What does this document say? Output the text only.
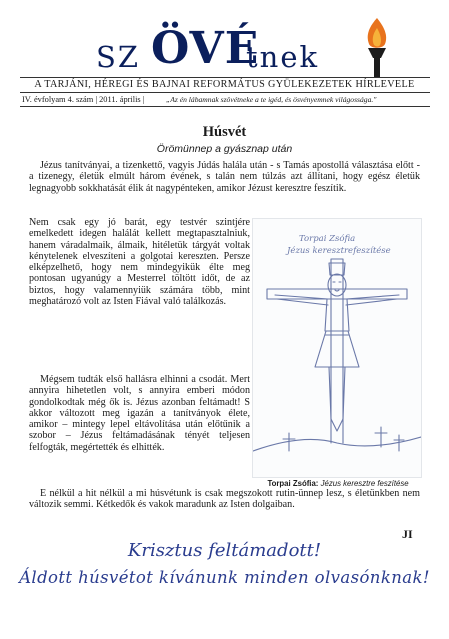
SZ ÖVÉ
tnek
A TARJÁNI, HÉREGI ÉS BAJNAI REFORMÁTUS GYÜLEKEZETEK HÍRLEVELE
IV. évfolyam 4. szám | 2011. április |	„Az én lábamnak szövétneke a te igéd, és ösvényemnek világossága."
Húsvét
Örömünnep a gyásznap után

Jézus tanítványai, a tizenkettő, vagyis Júdás halála után - s Tamás apostollá választása előtt - a tizenegy, életük elmúlt három évének, s talán nem túlzás azt állítani, hogy egész életük legnagyobb sokkhatását élik át nagypénteken, amikor Jézust keresztre feszítik.

Nem csak egy jó barát, egy testvér szintjére emelkedett idegen halálát kellett megtapasztalniuk, hanem váradalmaik, álmaik, hitéletük tárgyát voltak kénytelenek elveszíteni a golgotai kereszten. Persze elképzelhető, hogy nem mindegyikük élte meg pontosan ugyanúgy a Mesterrel töltött időt, de az biztos, hogy valamennyiük számára több, mint meghatározó volt az Isten Fiával való találkozás.

Mégsem tudták első hallásra elhinni a csodát. Mert annyira hihetetlen volt, s annyira emberi módon gondolkodtak még ők is. Jézus azonban feltámadt! S akkor változott meg igazán a tanítványok élete, amikor – mintegy lepel eltávolítása után előtűnik a szobor – Jézus feltámadásának tényét teljesen felfogták, megértették és elhitték.

Torpai Zsófia
Jézus keresztrefeszítése
Torpai Zsófia: Jézus keresztre feszítése

E nélkül a hit nélkül a mi húsvétunk is csak megszokott rutin-ünnep lesz, s életünkben nem változik semmi. Kétkedők és vakok maradunk az Isten dolgaiban.

JI
Krisztus feltámadott!
Áldott húsvétot kívánunk minden olvasónknak!
